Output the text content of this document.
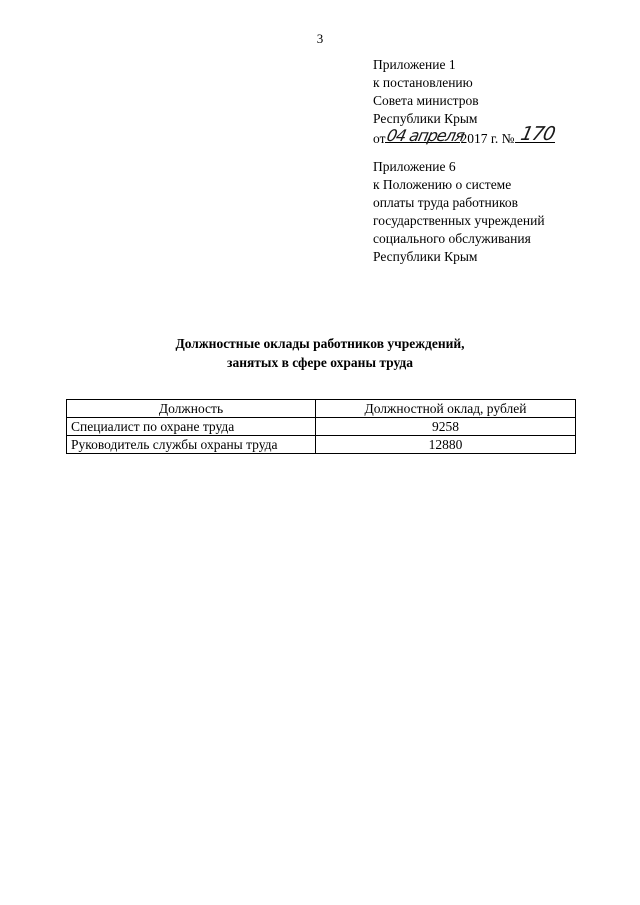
3
Приложение 1
к постановлению
Совета министров
Республики Крым
от 04 апреля
2017 г. № 170
Приложение 6
к Положению о системе
оплаты труда работников
государственных учреждений
социального обслуживания
Республики Крым
Должностные оклады работников учреждений,
занятых в сфере охраны труда
Должность	Должностной оклад, рублей
Специалист по охране труда	9258
Руководитель службы охраны труда	12880
